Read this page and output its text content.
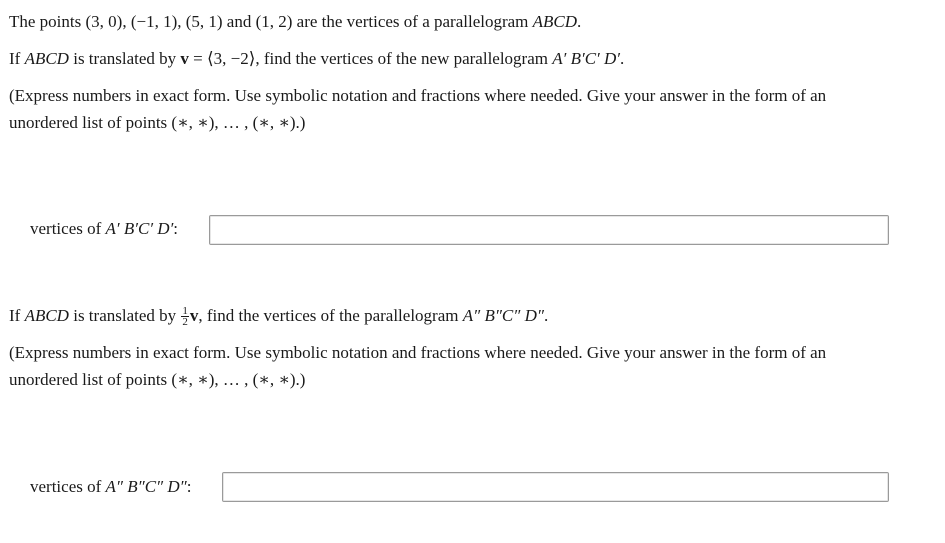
The points (3, 0), (−1, 1), (5, 1) and (1, 2) are the vertices of a parallelogram ABCD.
If ABCD is translated by v = ⟨3, −2⟩, find the vertices of the new parallelogram A′ B′C′ D′.
(Express numbers in exact form. Use symbolic notation and fractions where needed. Give your answer in the form of an
unordered list of points (∗, ∗), … , (∗, ∗).)
vertices of A′ B′C′ D′:
If ABCD is translated by $\frac{1}{2} v$, find the vertices of the parallelogram A″ B″C″ D″.
(Express numbers in exact form. Use symbolic notation and fractions where needed. Give your answer in the form of an
unordered list of points (∗, ∗), … , (∗, ∗).)
vertices of A″ B″C″ D″:
